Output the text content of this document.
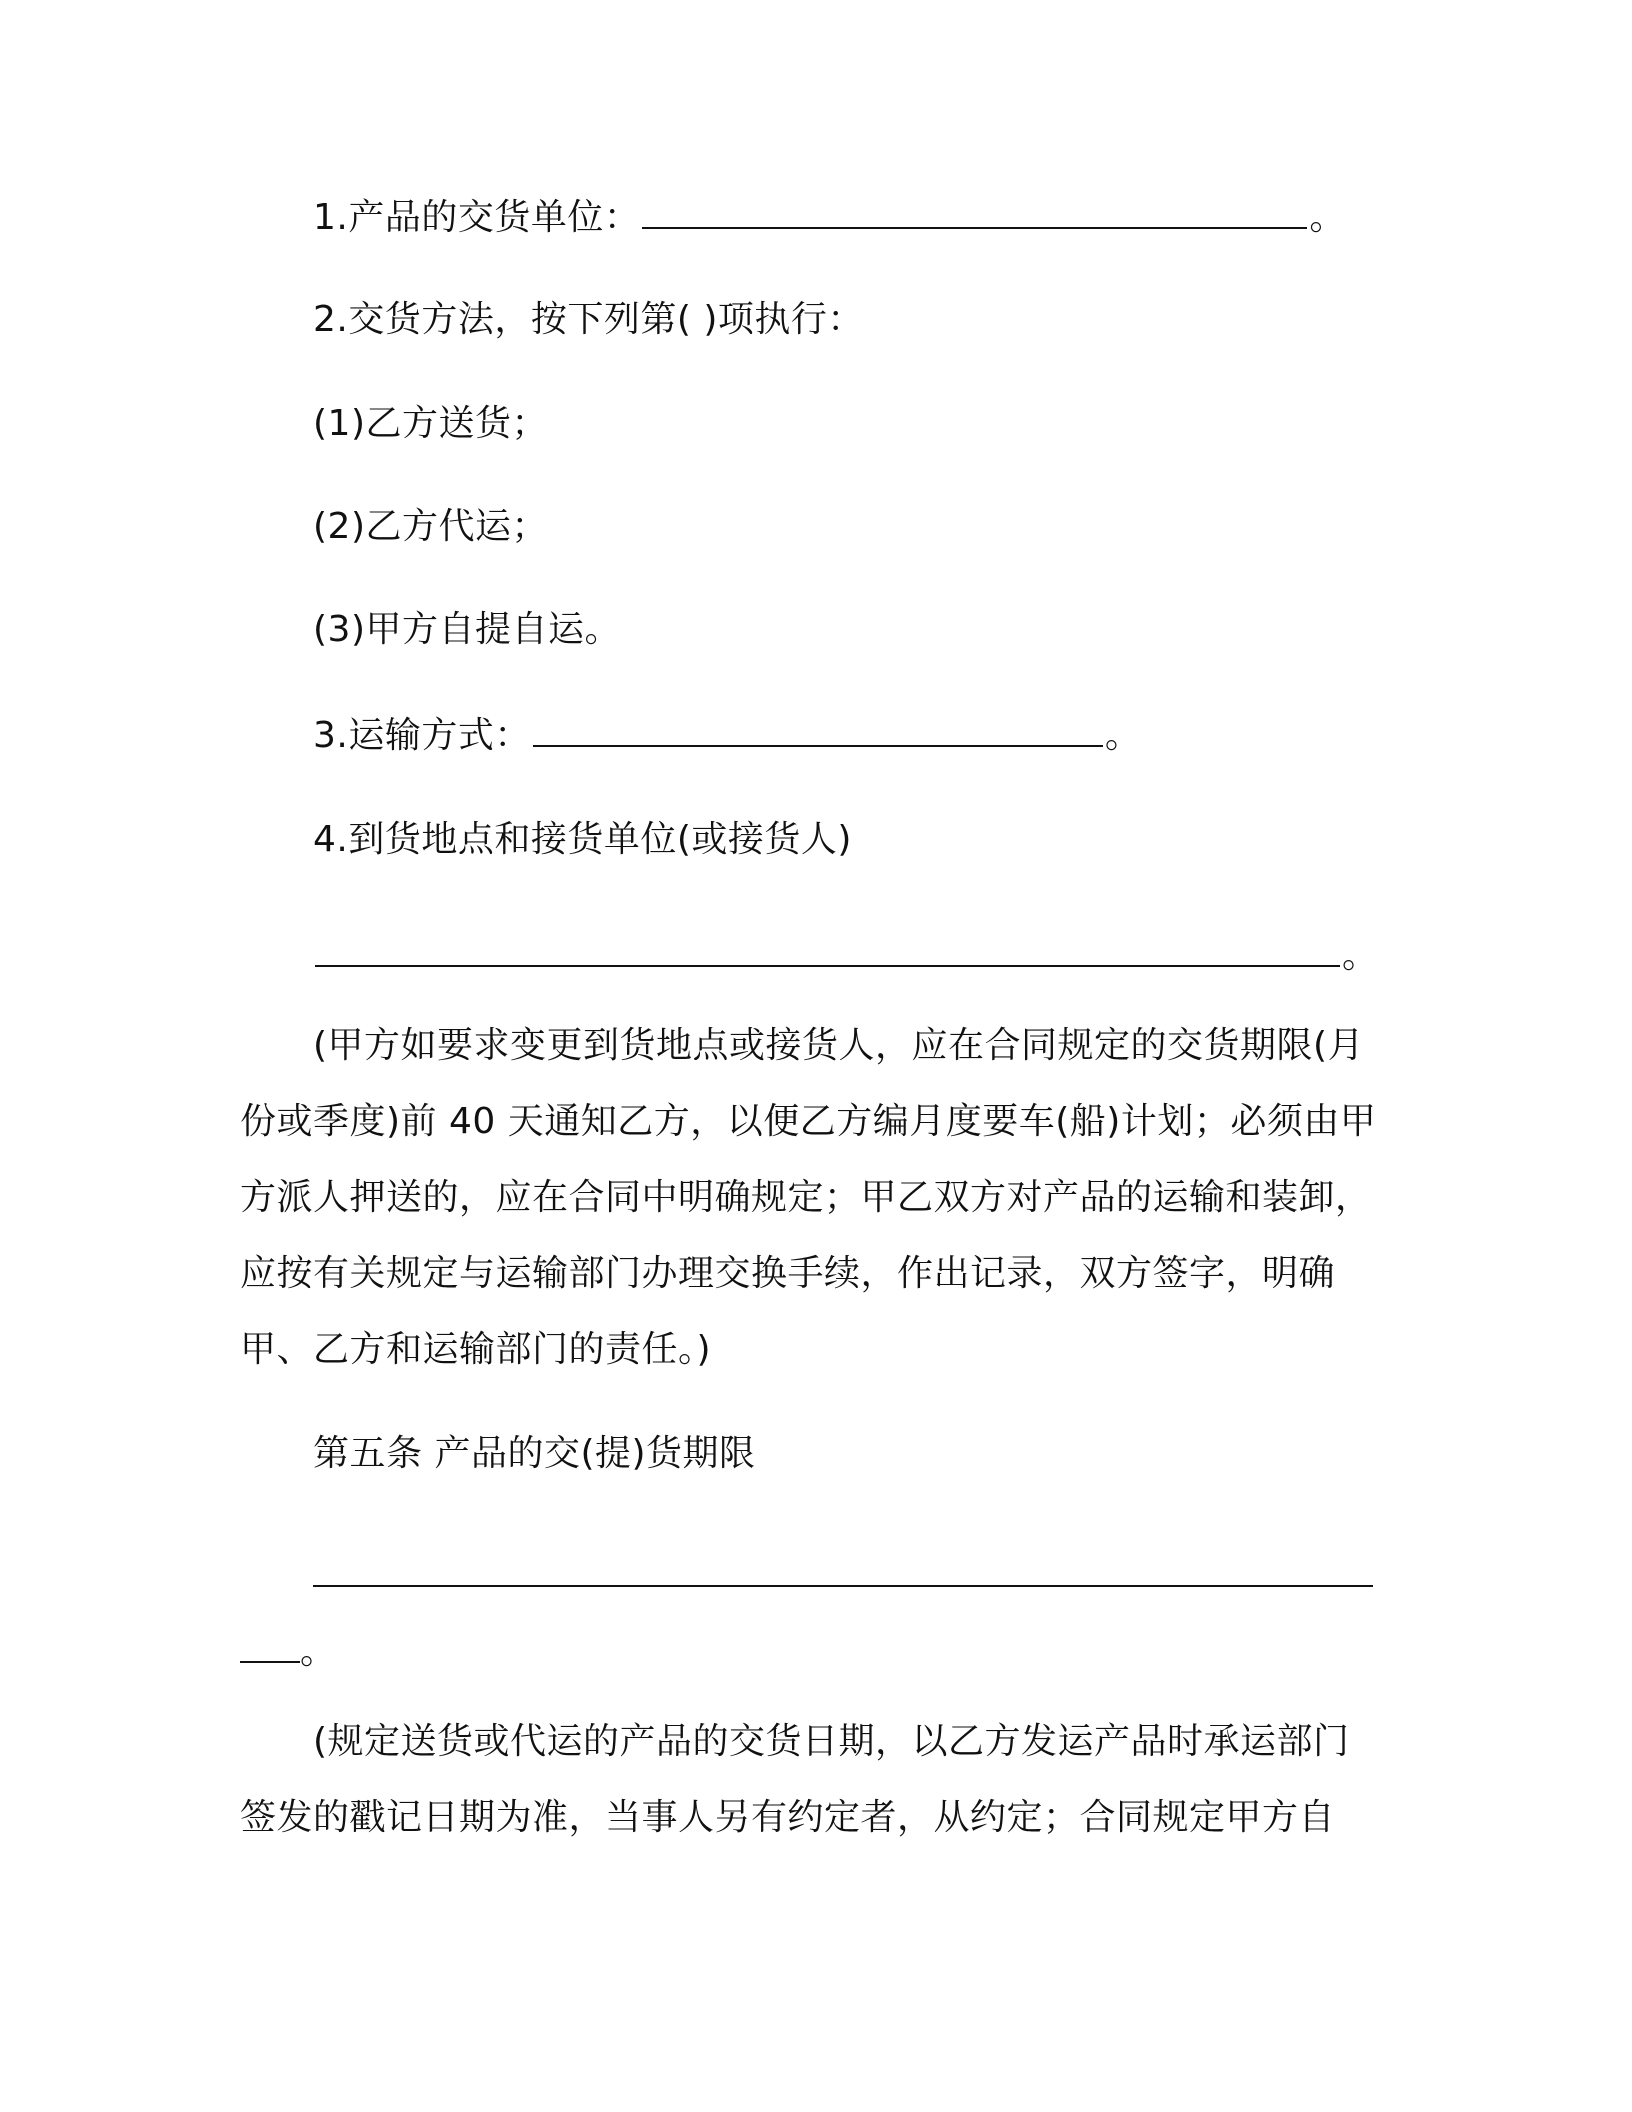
1.产品的交货单位：	。
2.交货方法，按下列第( )项执行：
(1)乙方送货；
(2)乙方代运；
(3)甲方自提自运。
3.运输方式：	。
4.到货地点和接货单位(或接货人)
。
(甲方如要求变更到货地点或接货人，应在合同规定的交货期限(月
份或季度)前 40 天通知乙方，以便乙方编月度要车(船)计划；必须由甲
方派人押送的，应在合同中明确规定；甲乙双方对产品的运输和装卸，
应按有关规定与运输部门办理交换手续，作出记录，双方签字，明确
甲、乙方和运输部门的责任。)
第五条 产品的交(提)货期限
。
(规定送货或代运的产品的交货日期，以乙方发运产品时承运部门
签发的戳记日期为准，当事人另有约定者，从约定；合同规定甲方自
